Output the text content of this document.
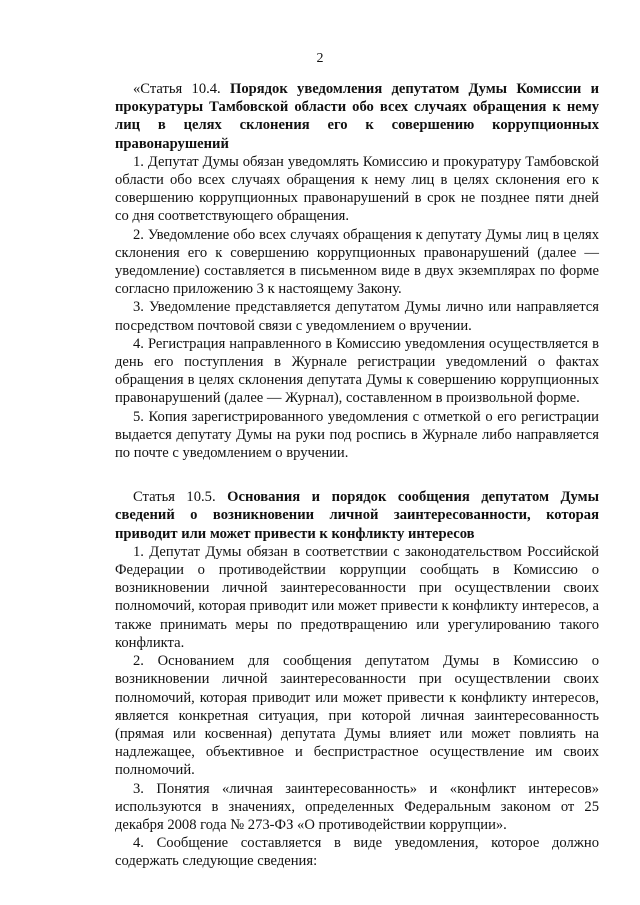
2

«Статья 10.4. Порядок уведомления депутатом Думы Комиссии и прокуратуры Тамбовской области обо всех случаях обращения к нему лиц в целях склонения его к совершению коррупционных правонарушений

1. Депутат Думы обязан уведомлять Комиссию и прокуратуру Тамбовской области обо всех случаях обращения к нему лиц в целях склонения его к совершению коррупционных правонарушений в срок не позднее пяти дней со дня соответствующего обращения.

2. Уведомление обо всех случаях обращения к депутату Думы лиц в целях склонения его к совершению коррупционных правонарушений (далее — уведомление) составляется в письменном виде в двух экземплярах по форме согласно приложению 3 к настоящему Закону.

3. Уведомление представляется депутатом Думы лично или направляется посредством почтовой связи с уведомлением о вручении.

4. Регистрация направленного в Комиссию уведомления осуществляется в день его поступления в Журнале регистрации уведомлений о фактах обращения в целях склонения депутата Думы к совершению коррупционных правонарушений (далее — Журнал), составленном в произвольной форме.

5. Копия зарегистрированного уведомления с отметкой о его регистрации выдается депутату Думы на руки под роспись в Журнале либо направляется по почте с уведомлением о вручении.

Статья 10.5. Основания и порядок сообщения депутатом Думы сведений о возникновении личной заинтересованности, которая приводит или может привести к конфликту интересов

1. Депутат Думы обязан в соответствии с законодательством Российской Федерации о противодействии коррупции сообщать в Комиссию о возникновении личной заинтересованности при осуществлении своих полномочий, которая приводит или может привести к конфликту интересов, а также принимать меры по предотвращению или урегулированию такого конфликта.

2. Основанием для сообщения депутатом Думы в Комиссию о возникновении личной заинтересованности при осуществлении своих полномочий, которая приводит или может привести к конфликту интересов, является конкретная ситуация, при которой личная заинтересованность (прямая или косвенная) депутата Думы влияет или может повлиять на надлежащее, объективное и беспристрастное осуществление им своих полномочий.

3. Понятия «личная заинтересованность» и «конфликт интересов» используются в значениях, определенных Федеральным законом от 25 декабря 2008 года № 273-ФЗ «О противодействии коррупции».

4. Сообщение составляется в виде уведомления, которое должно содержать следующие сведения:
